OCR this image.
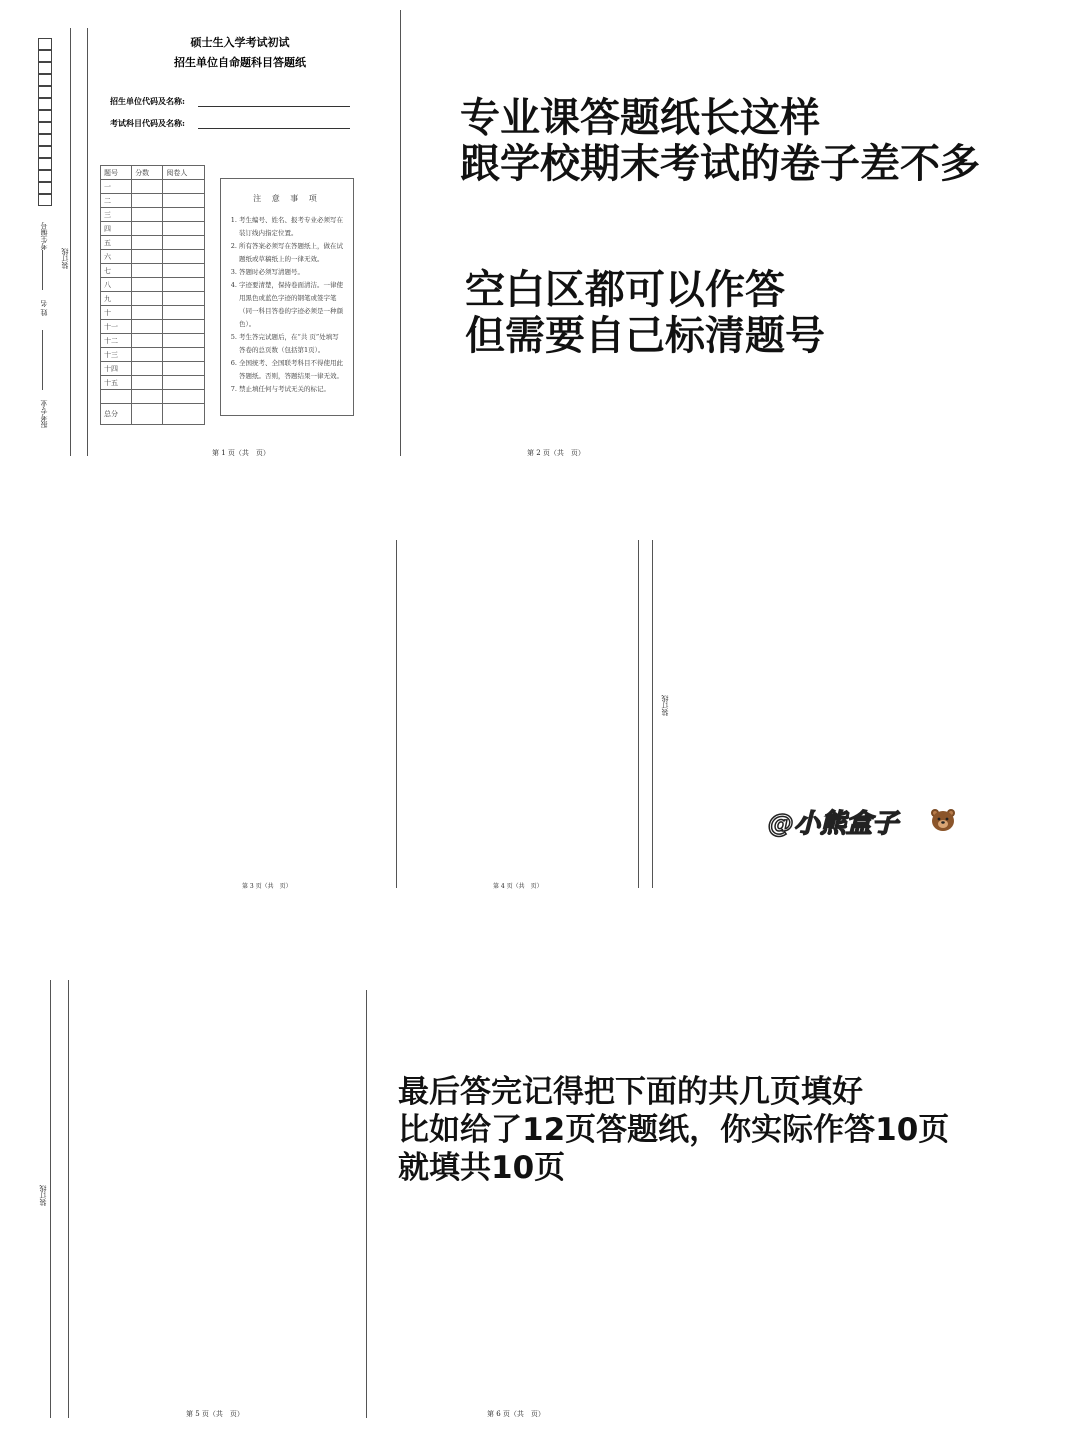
考生编号
姓 名
报考专业
装订线
硕士生入学考试初试
招生单位自命题科目答题纸
招生单位代码及名称:
考试科目代码及名称:
题号	分数	阅卷人
一		
二		
三		
四		
五		
六		
七		
八		
九		
十		
十一		
十二		
十三		
十四		
十五		

总分		
注 意 事 项
1. 考生编号、姓名、报考专业必须写在装订线内指定位置。
2. 所有答案必须写在答题纸上，做在试题纸或草稿纸上的一律无效。
3. 答题时必须写清题号。
4. 字迹要清楚，保持卷面清洁。一律使用黑色或蓝色字迹的钢笔或签字笔（同一科目答卷的字迹必须是一种颜色）。
5. 考生答完试题后，在“共 页”处填写答卷的总页数（包括第1页）。
6. 全国统考、全国联考科目不得使用此答题纸。否则，答题结果一律无效。
7. 禁止填任何与考试无关的标记。
第 1 页（共　页）	第 2 页（共　页）
装订线
第 3 页（共　页）	第 4 页（共　页）
装订线
第 5 页（共　页）	第 6 页（共　页）
专业课答题纸长这样
跟学校期末考试的卷子差不多
空白区都可以作答
但需要自己标清题号
最后答完记得把下面的共几页填好
比如给了12页答题纸，你实际作答10页
就填共10页
@小熊盒子
